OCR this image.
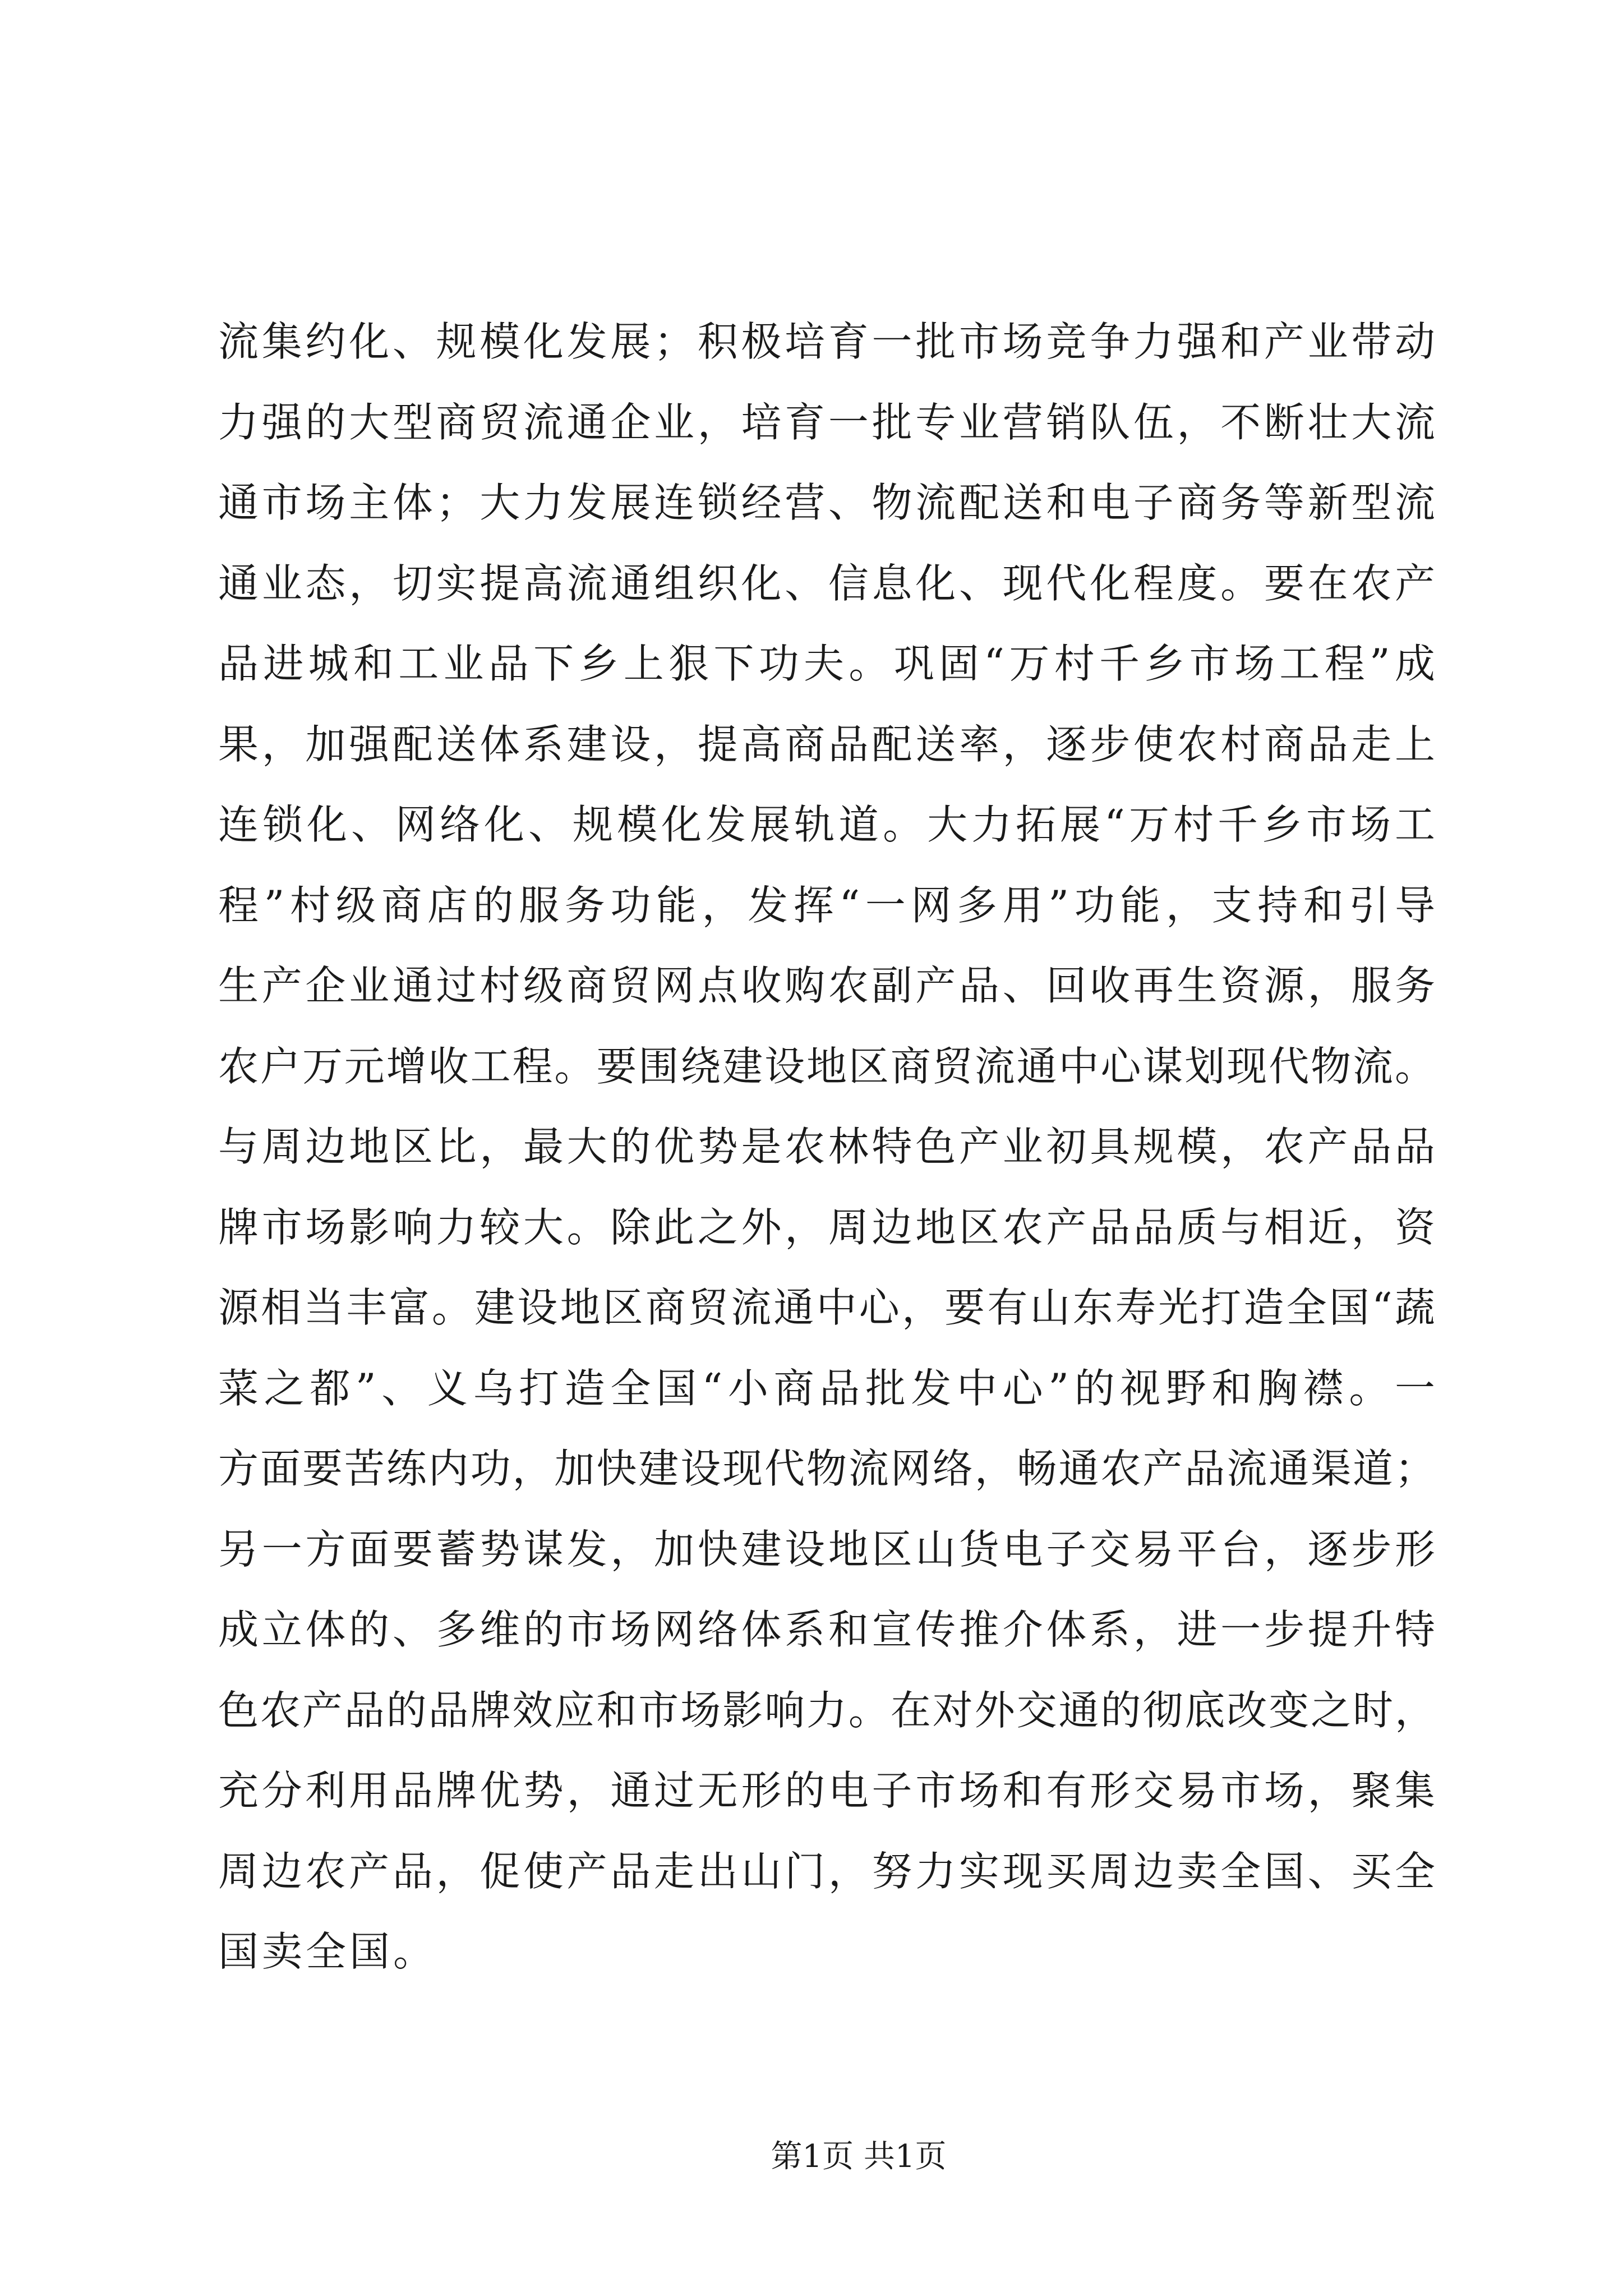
流集约化、规模化发展；积极培育一批市场竞争力强和产业带动
力强的大型商贸流通企业，培育一批专业营销队伍，不断壮大流
通市场主体；大力发展连锁经营、物流配送和电子商务等新型流
通业态，切实提高流通组织化、信息化、现代化程度。要在农产
品进城和工业品下乡上狠下功夫。巩固“万村千乡市场工程”成
果，加强配送体系建设，提高商品配送率，逐步使农村商品走上
连锁化、网络化、规模化发展轨道。大力拓展“万村千乡市场工
程”村级商店的服务功能，发挥“一网多用”功能，支持和引导
生产企业通过村级商贸网点收购农副产品、回收再生资源，服务
农户万元增收工程。要围绕建设地区商贸流通中心谋划现代物流。
与周边地区比，最大的优势是农林特色产业初具规模，农产品品
牌市场影响力较大。除此之外，周边地区农产品品质与相近，资
源相当丰富。建设地区商贸流通中心，要有山东寿光打造全国“蔬
菜之都”、义乌打造全国“小商品批发中心”的视野和胸襟。一
方面要苦练内功，加快建设现代物流网络，畅通农产品流通渠道；
另一方面要蓄势谋发，加快建设地区山货电子交易平台，逐步形
成立体的、多维的市场网络体系和宣传推介体系，进一步提升特
色农产品的品牌效应和市场影响力。在对外交通的彻底改变之时，
充分利用品牌优势，通过无形的电子市场和有形交易市场，聚集
周边农产品，促使产品走出山门，努力实现买周边卖全国、买全
国卖全国。
第1页 共1页
